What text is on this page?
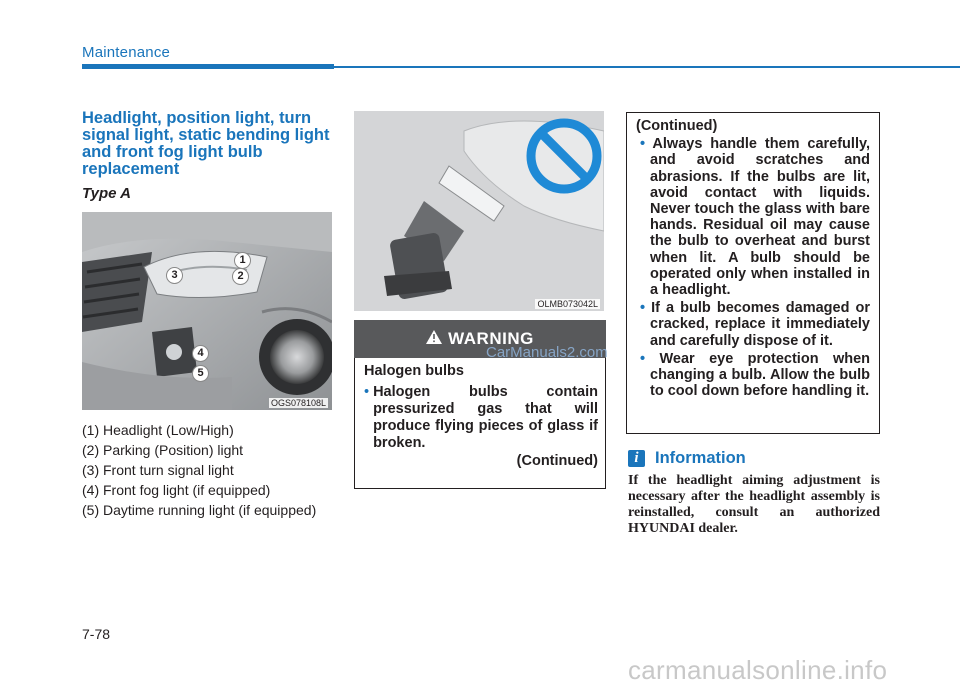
Maintenance
Headlight, position light, turn signal light, static bending light and front fog light bulb replacement
Type A
1
2
3
4
5
OGS078108L
(1) Headlight (Low/High)
(2) Parking (Position) light
(3) Front turn signal light
(4) Front fog light (if equipped)
(5) Daytime running light (if equipped)
OLMB073042L
WARNING
Halogen bulbs
• Halogen bulbs contain pressurized gas that will produce flying pieces of glass if broken.
(Continued)
(Continued)
• Always handle them carefully, and avoid scratches and abrasions. If the bulbs are lit, avoid contact with liquids. Never touch the glass with bare hands. Residual oil may cause the bulb to overheat and burst when lit. A bulb should be operated only when installed in a headlight.
• If a bulb becomes damaged or cracked, replace it immediately and carefully dispose of it.
• Wear eye protection when changing a bulb. Allow the bulb to cool down before handling it.
i Information
If the headlight aiming adjustment is necessary after the headlight assembly is reinstalled, consult an authorized HYUNDAI dealer.
7-78
CarManuals2.com
carmanualsonline.info
